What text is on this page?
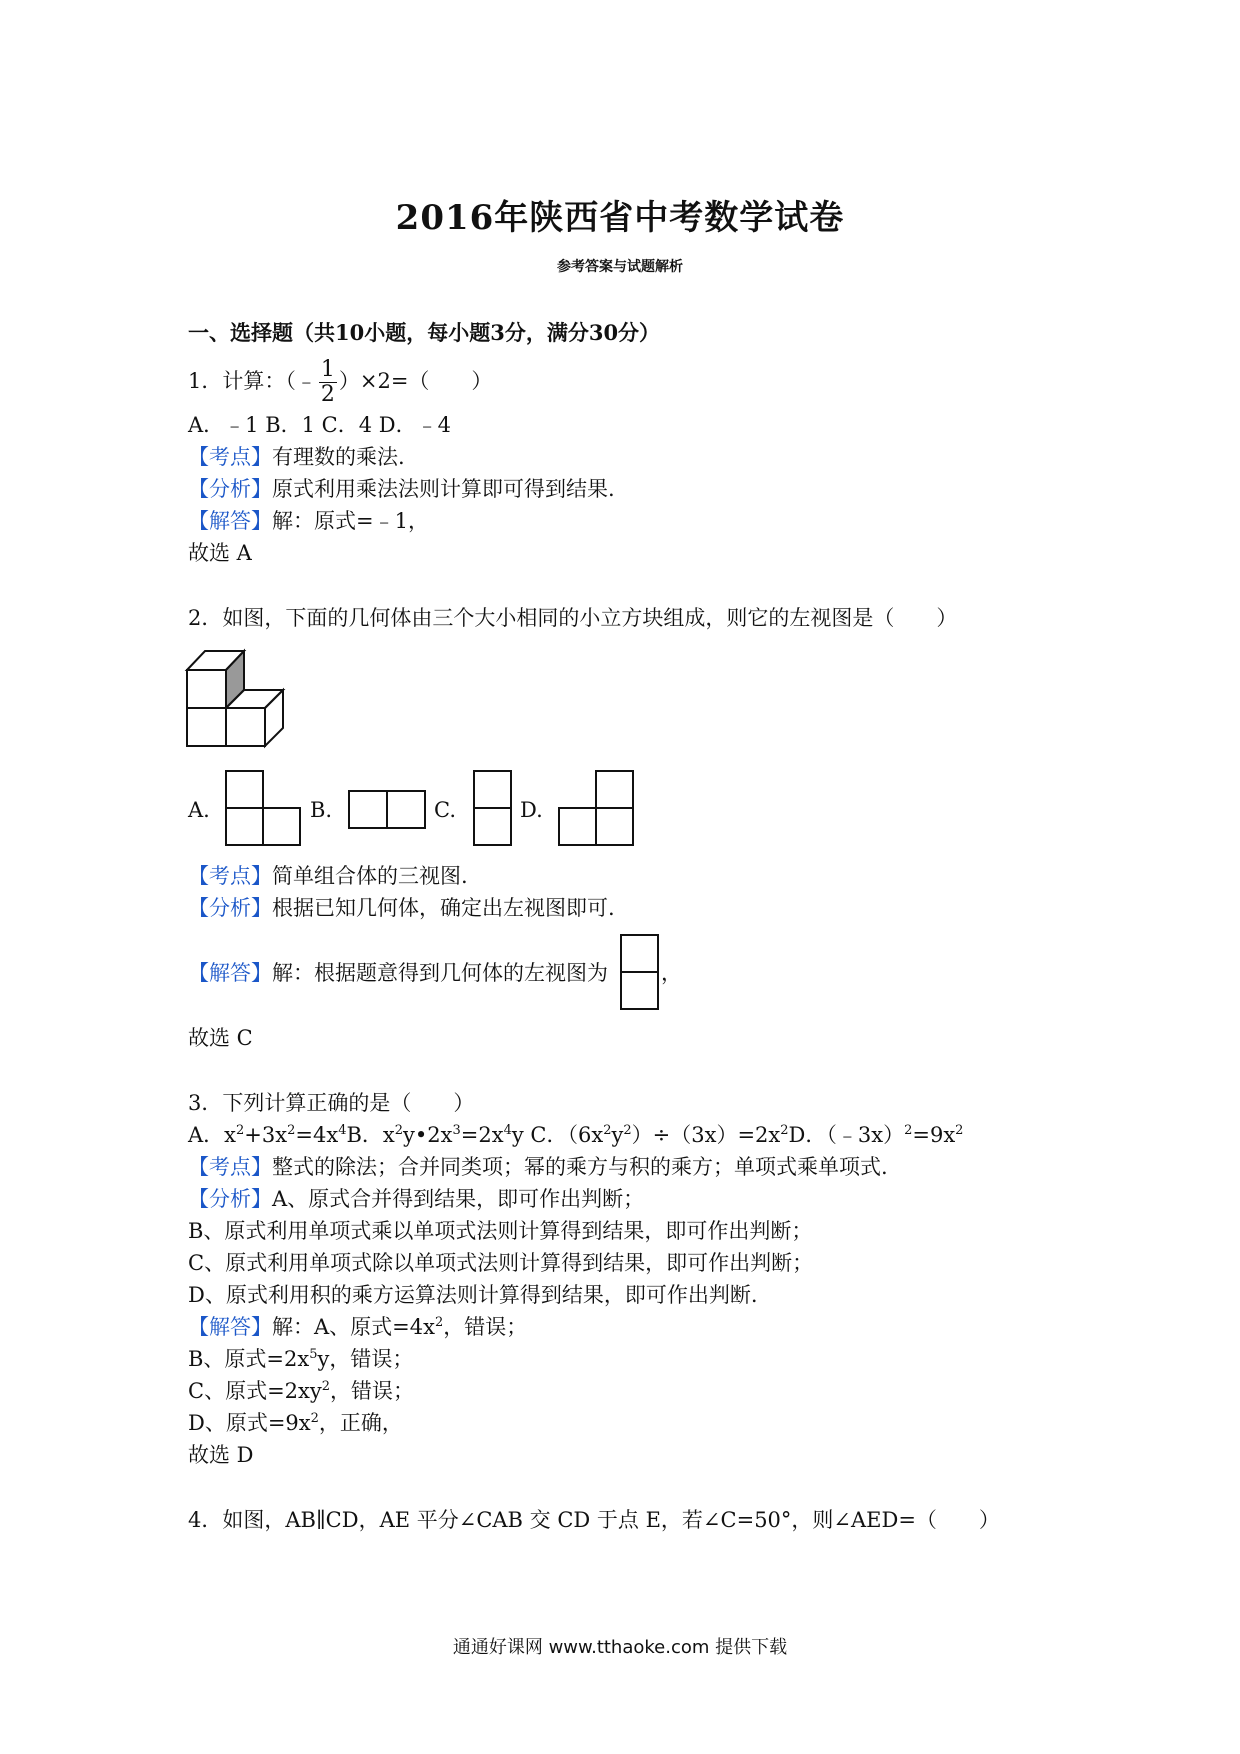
2016年陕西省中考数学试卷
参考答案与试题解析
一、选择题（共10小题，每小题3分，满分30分）
1．计算：（﹣ $\frac{1}{2} )\times 2=$（　　）
A．﹣1 B．1 C．4 D．﹣4
【考点】有理数的乘法.
【分析】原式利用乘法法则计算即可得到结果.
【解答】解：原式=﹣1，
故选 A
2．如图，下面的几何体由三个大小相同的小立方块组成，则它的左视图是（　　）
A.	B.	C.	D.
【考点】简单组合体的三视图.
【分析】根据已知几何体，确定出左视图即可.
【解答】解：根据题意得到几何体的左视图为	，
故选 C
3．下列计算正确的是（　　）
A．$x^2+3x^2=4x^4B$．$x^2y•2x^3=2x^4y$ C．$(6x^2y^2)\div(3x)=2x^2D$．$(﹣3x)^2=9x^2$
【考点】整式的除法；合并同类项；幂的乘方与积的乘方；单项式乘单项式.
【分析】A、原式合并得到结果，即可作出判断；
B、原式利用单项式乘以单项式法则计算得到结果，即可作出判断；
C、原式利用单项式除以单项式法则计算得到结果，即可作出判断；
D、原式利用积的乘方运算法则计算得到结果，即可作出判断.
【解答】解：A、原式$=4x^2$，错误；
B、原式$=2x^5y$，错误；
C、原式$=2xy^2$，错误；
D、原式$=9x^2$，正确，
故选 D
4．如图，AB∥CD，AE 平分∠CAB 交 CD 于点 E，若∠C=50°，则∠AED=（　　）
通通好课网 www.tthaoke.com 提供下载
